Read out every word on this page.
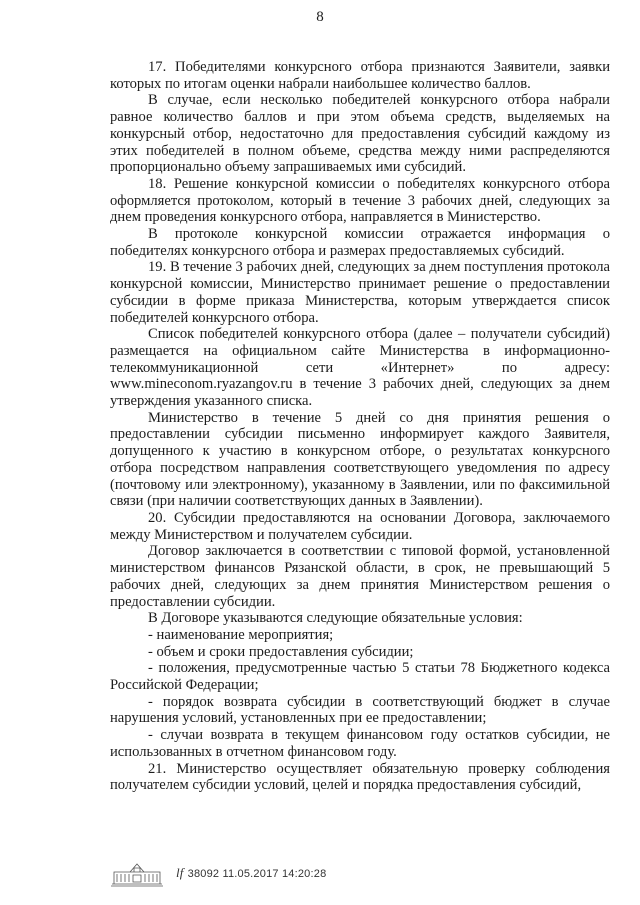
8

17. Победителями конкурсного отбора признаются Заявители, заявки которых по итогам оценки набрали наибольшее количество баллов.

В случае, если несколько победителей конкурсного отбора набрали равное количество баллов и при этом объема средств, выделяемых на конкурсный отбор, недостаточно для предоставления субсидий каждому из этих победителей в полном объеме, средства между ними распределяются пропорционально объему запрашиваемых ими субсидий.

18. Решение конкурсной комиссии о победителях конкурсного отбора оформляется протоколом, который в течение 3 рабочих дней, следующих за днем проведения конкурсного отбора, направляется в Министерство.

В протоколе конкурсной комиссии отражается информация о победителях конкурсного отбора и размерах предоставляемых субсидий.

19. В течение 3 рабочих дней, следующих за днем поступления протокола конкурсной комиссии, Министерство принимает решение о предоставлении субсидии в форме приказа Министерства, которым утверждается список победителей конкурсного отбора.

Список победителей конкурсного отбора (далее – получатели субсидий) размещается на официальном сайте Министерства в информационно-телекоммуникационной сети «Интернет» по адресу: www.mineconom.ryazangov.ru в течение 3 рабочих дней, следующих за днем утверждения указанного списка.

Министерство в течение 5 дней со дня принятия решения о предоставлении субсидии письменно информирует каждого Заявителя, допущенного к участию в конкурсном отборе, о результатах конкурсного отбора посредством направления соответствующего уведомления по адресу (почтовому или электронному), указанному в Заявлении, или по факсимильной связи (при наличии соответствующих данных в Заявлении).

20. Субсидии предоставляются на основании Договора, заключаемого между Министерством и получателем субсидии.

Договор заключается в соответствии с типовой формой, установленной министерством финансов Рязанской области, в срок, не превышающий 5 рабочих дней, следующих за днем принятия Министерством решения о предоставлении субсидии.

В Договоре указываются следующие обязательные условия:

- наименование мероприятия;

- объем и сроки предоставления субсидии;

- положения, предусмотренные частью 5 статьи 78 Бюджетного кодекса Российской Федерации;

- порядок возврата субсидии в соответствующий бюджет в случае нарушения условий, установленных при ее предоставлении;

- случаи возврата в текущем финансовом году остатков субсидии, не использованных в отчетном финансовом году.

21. Министерство осуществляет обязательную проверку соблюдения получателем субсидии условий, целей и порядка предоставления субсидий,

lf 38092 11.05.2017 14:20:28
